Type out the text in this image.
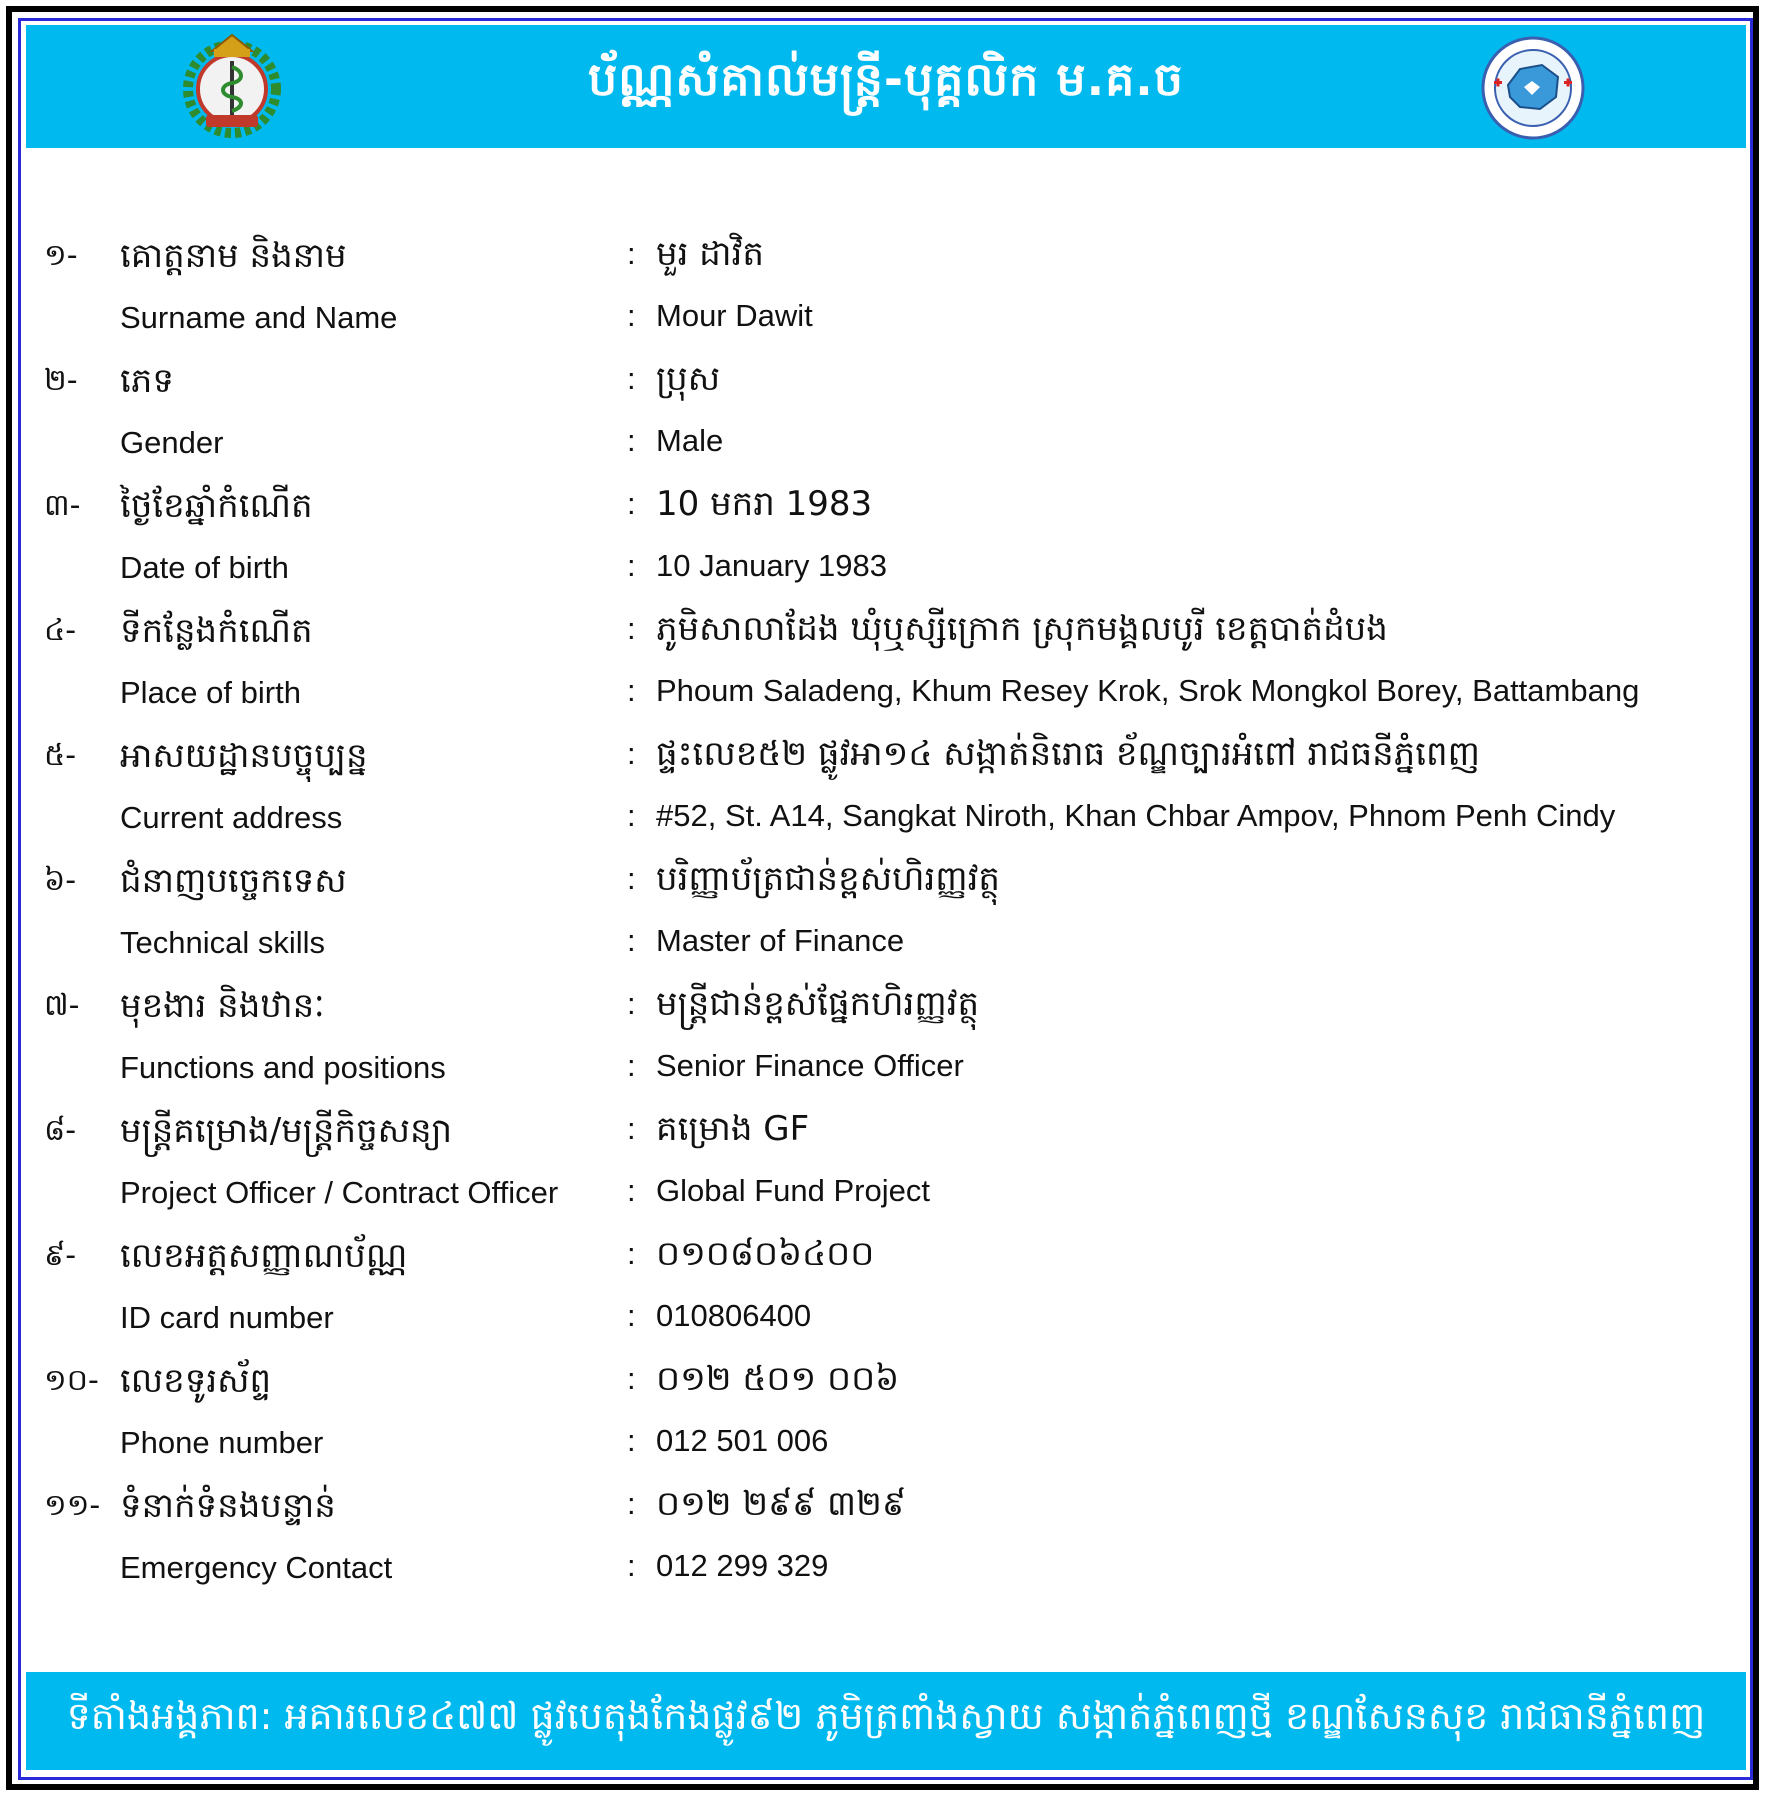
ប័ណ្ណសំគាល់មន្ត្រី-បុគ្គលិក ម.គ.ច
១- គោត្តនាម និងនាម	: មួរ ដាវិត
Surname and Name	: Mour Dawit
២- ភេទ	: ប្រុស
Gender	: Male
៣- ថ្ងៃខែឆ្នាំកំណើត	: 10 មករា 1983
Date of birth	: 10 January 1983
៤- ទីកន្លែងកំណើត	: ភូមិសាលាដែង ឃុំឬស្សីក្រោក ស្រុកមង្គលបូរី ខេត្តបាត់ដំបង
Place of birth	: Phoum Saladeng, Khum Resey Krok, Srok Mongkol Borey, Battambang
៥- អាសយដ្ឋានបច្ចុប្បន្ន	: ផ្ទះលេខ៥២ ផ្លូវអា១៤ សង្កាត់និរោធ ខ័ណ្ឌច្បារអំពៅ រាជធនីភ្នំពេញ
Current address	: #52, St. A14, Sangkat Niroth, Khan Chbar Ampov, Phnom Penh Cindy
៦- ជំនាញបច្ចេកទេស	: បរិញ្ញាប័ត្រជាន់ខ្ពស់ហិរញ្ញវត្ថុ
Technical skills	: Master of Finance
៧- មុខងារ និងឋានៈ	: មន្ត្រីជាន់ខ្ពស់ផ្នែកហិរញ្ញវត្ថុ
Functions and positions	: Senior Finance Officer
៨- មន្ត្រីគម្រោង/មន្ត្រីកិច្ចសន្យា	: គម្រោង GF
Project Officer / Contract Officer : Global Fund Project
៩- លេខអត្តសញ្ញាណប័ណ្ណ	: ០១០៨០៦៤០០
ID card number	: 010806400
១០- លេខទូរស័ព្ទ	: ០១២ ៥០១ ០០៦
Phone number	: 012 501 006
១១- ទំនាក់ទំនងបន្ទាន់	: ០១២ ២៩៩ ៣២៩
Emergency Contact	: 012 299 329
ទីតាំងអង្គភាព: អគារលេខ៤៧៧ ផ្លូវបេតុងកែងផ្លូវ៩២ ភូមិត្រពាំងស្វាយ សង្កាត់ភ្នំពេញថ្មី ខណ្ឌសែនសុខ រាជធានីភ្នំពេញ
